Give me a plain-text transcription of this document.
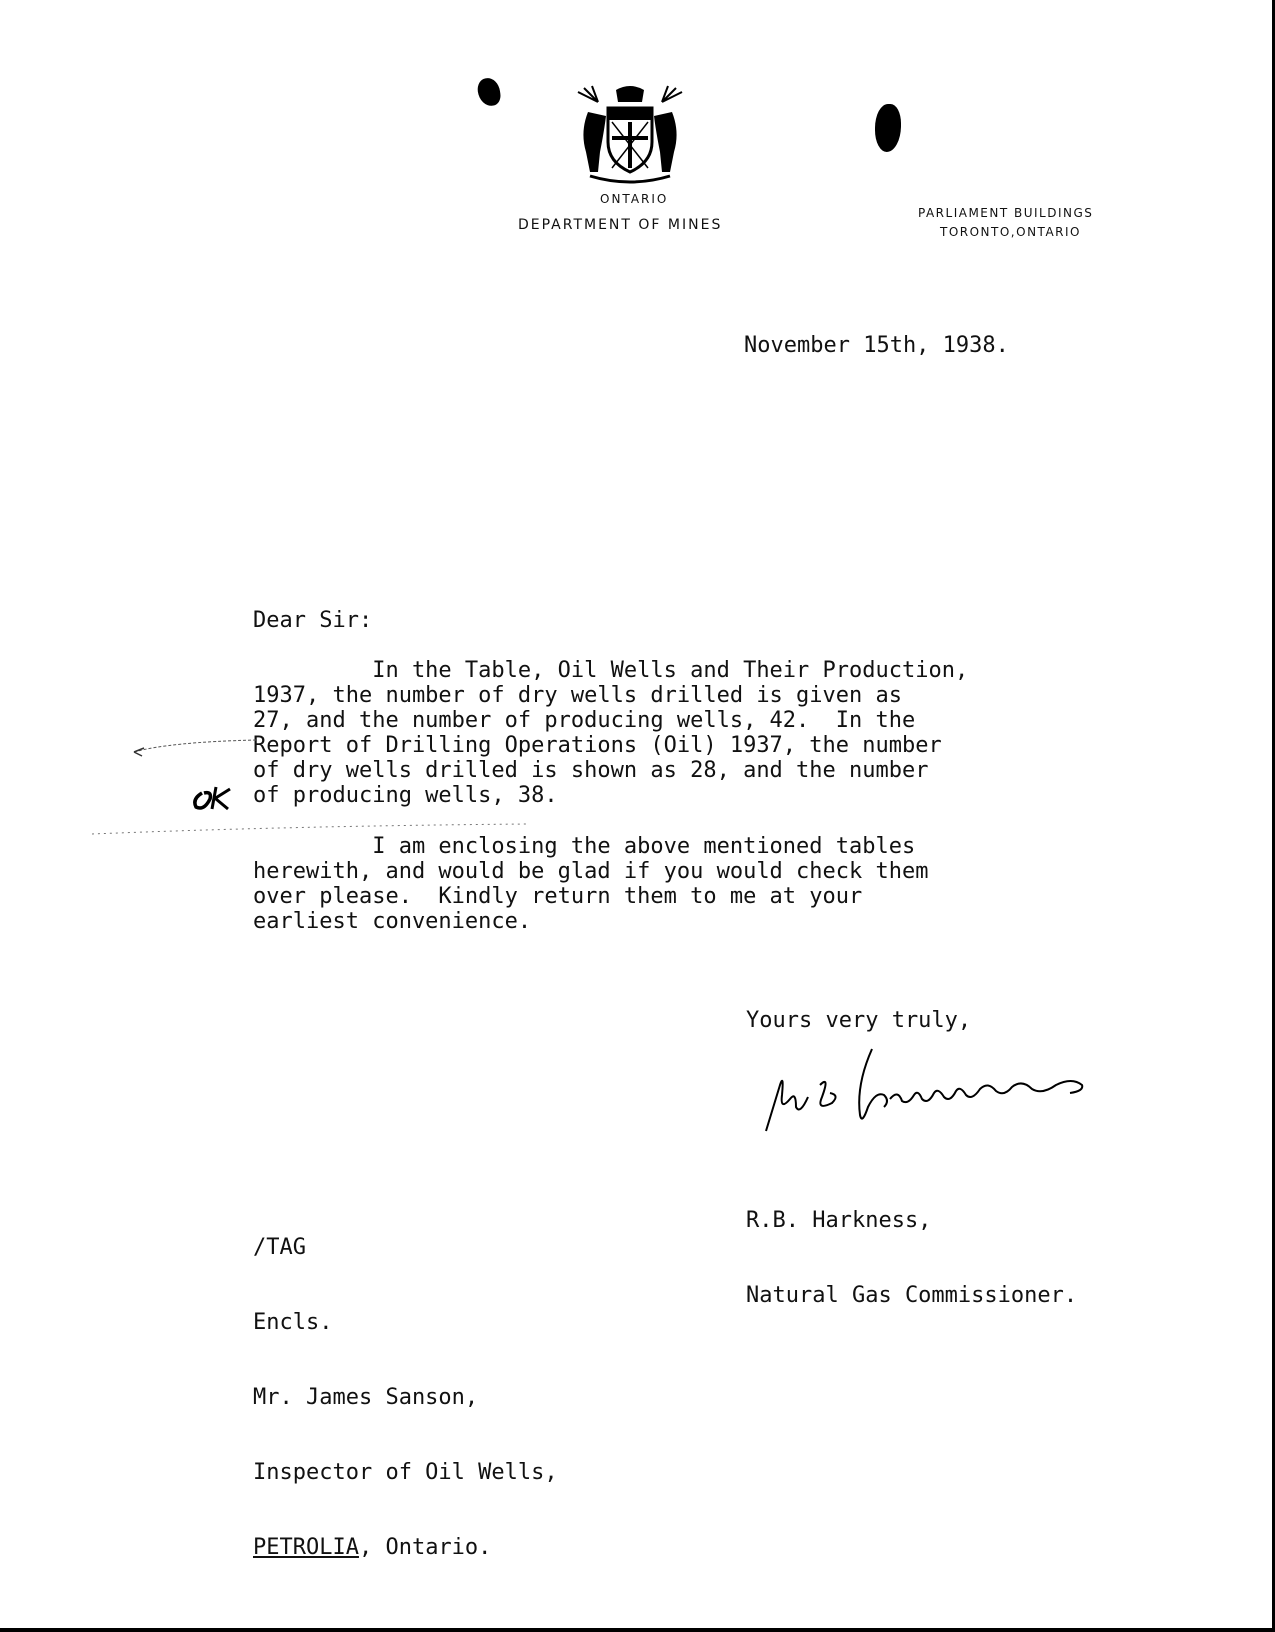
ONTARIO
DEPARTMENT OF MINES
PARLIAMENT BUILDINGS
TORONTO,ONTARIO
November 15th, 1938.
Dear Sir:
In the Table, Oil Wells and Their Production,
1937, the number of dry wells drilled is given as
27, and the number of producing wells, 42.  In the
Report of Drilling Operations (Oil) 1937, the number
of dry wells drilled is shown as 28, and the number
of producing wells, 38.
I am enclosing the above mentioned tables
herewith, and would be glad if you would check them
over please.  Kindly return them to me at your
earliest convenience.
Yours very truly,

R.B. Harkness,

Natural Gas Commissioner.

/TAG

Encls.

Mr. James Sanson,

Inspector of Oil Wells,

PETROLIA, Ontario.
